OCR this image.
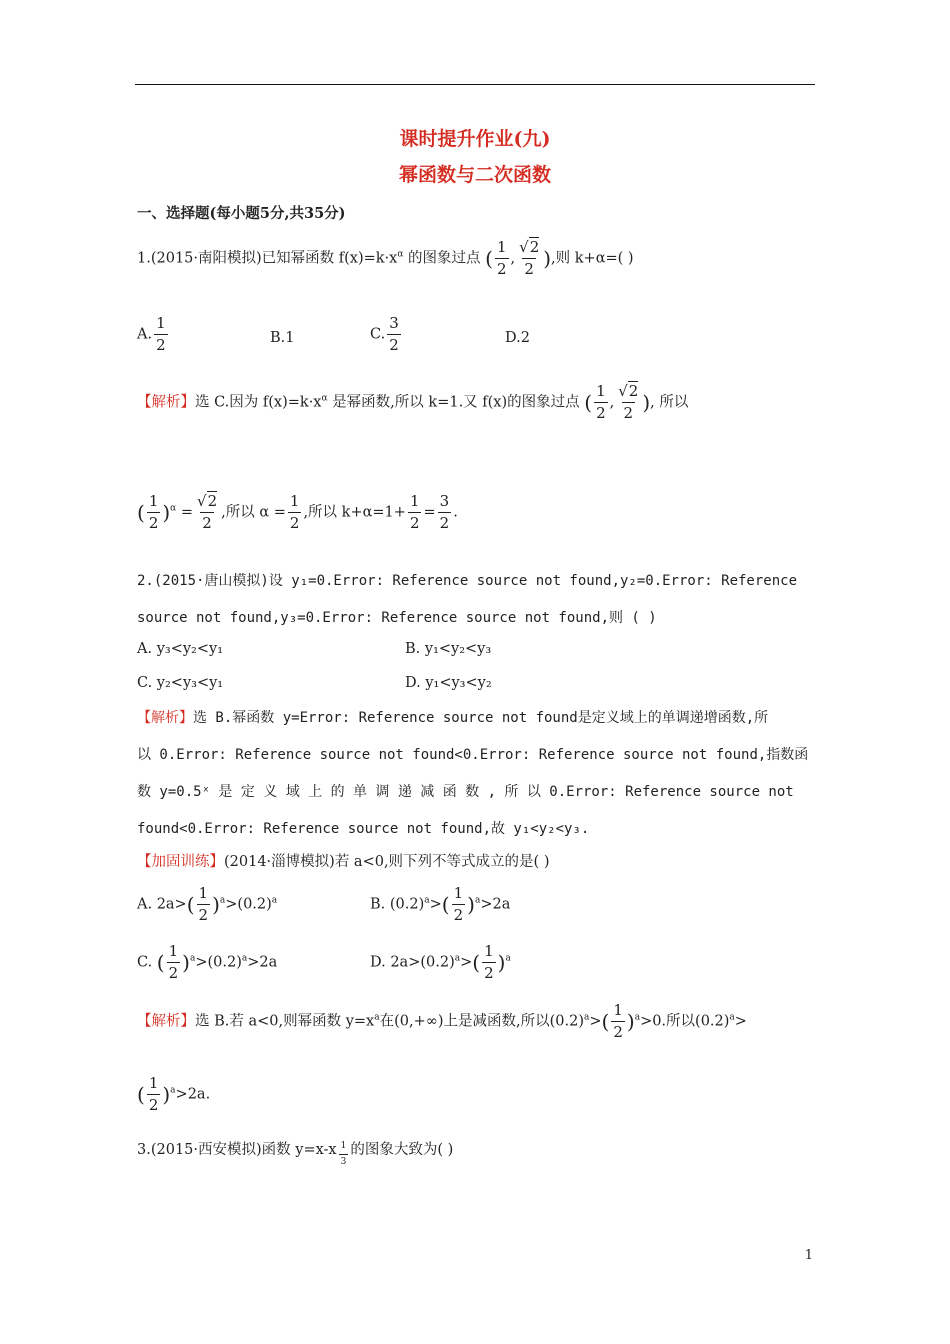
课时提升作业(九)
幂函数与二次函数
一、选择题(每小题5分,共35分)
1.(2015·南阳模拟)已知幂函数 $f(x)=k\cdot x^\alpha$ 的图象过点 ( $\frac{1}{2}$ , $\frac{√2}{2}$ ),则 k+α=( )
A. $\frac{1}{2}$	B.1	C. $\frac{3}{2}$	D.2
【解析】选 C.因为 $f(x)=k\cdot x^\alpha$ 是幂函数,所以 k=1.又 f(x)的图象过点 ( $\frac{1}{2}$ , $\frac{√2}{2}$ ), 所以
( $\frac{1}{2} )^\alpha = \frac{√2}{2}$ ,所以 $\alpha = \frac{1}{2}$ ,所以 $k+\alpha=1+ \frac{1}{2} = \frac{3}{2}$ .
2.(2015·唐山模拟)设 y₁=0.Error: Reference source not found,y₂=0.Error: Reference
source not found,y₃=0.Error: Reference source not found,则 ( )
A. y₃<y₂<y₁	B. y₁<y₂<y₃
C. y₂<y₃<y₁	D. y₁<y₃<y₂
【解析】选 B.幂函数 y=Error: Reference source not found是定义域上的单调递增函数,所
以 0.Error: Reference source not found<0.Error: Reference source not found,指数函
数 y=0.5ˣ 是 定 义 域 上 的 单 调 递 减 函 数 , 所 以 0.Error: Reference source not
found<0.Error: Reference source not found,故 y₁<y₂<y₃.
【加固训练】(2014·淄博模拟)若 a<0,则下列不等式成立的是( )
A. $2a>( \frac{1}{2} )^a>(0.2)^a$	B. $(0.2)^a>( \frac{1}{2} )^a>2a$
C. ( $\frac{1}{2} )^a>(0.2)^a>2a$	D. $2a>(0.2)^a>( \frac{1}{2} )^a$
【解析】选 B.若 a<0,则幂函数 $y=x^a$在(0,+∞)上是减函数,所以$(0.2)^a>( \frac{1}{2} )^a>0$.所以$(0.2)^a>$
( $\frac{1}{2} )^a>2a$.
3.(2015·西安模拟)函数 $y=x-x \frac{1}{3}$ 的图象大致为( )
1
